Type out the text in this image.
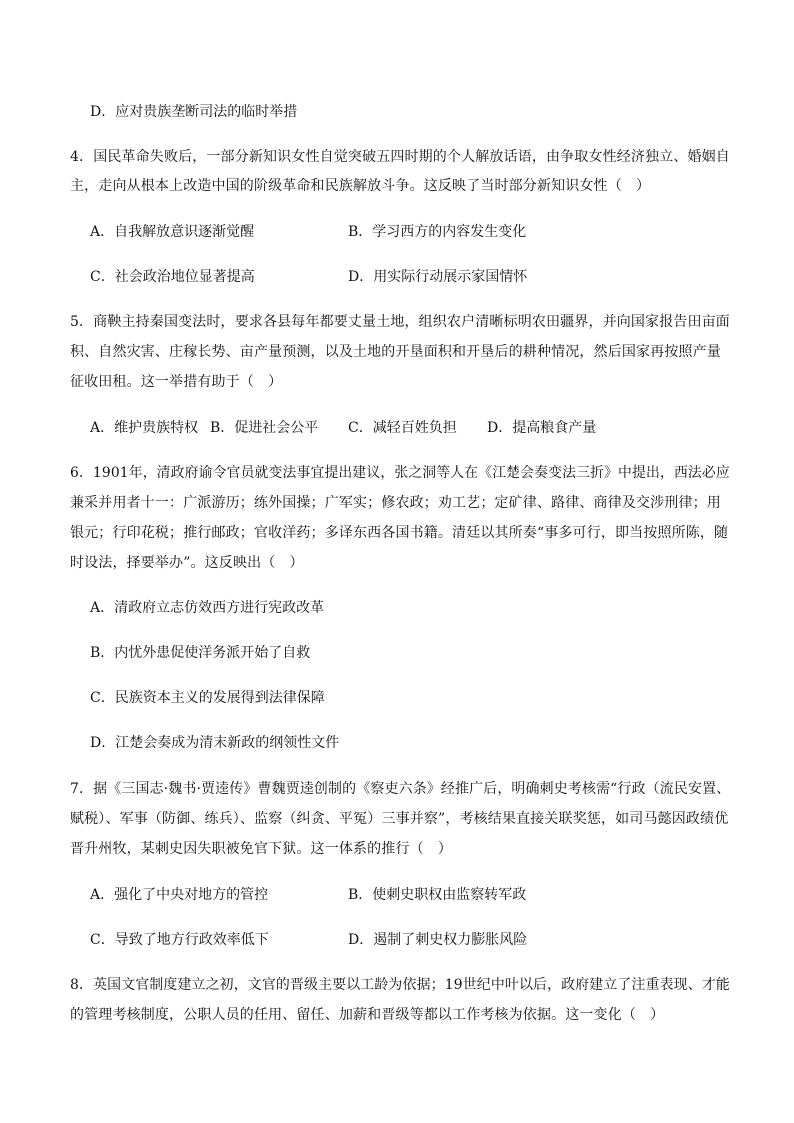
D．应对贵族垄断司法的临时举措
4．国民革命失败后，一部分新知识女性自觉突破五四时期的个人解放话语，由争取女性经济独立、婚姻自
主，走向从根本上改造中国的阶级革命和民族解放斗争。这反映了当时部分新知识女性（　）
A．自我解放意识逐渐觉醒	B．学习西方的内容发生变化
C．社会政治地位显著提高	D．用实际行动展示家国情怀
5．商鞅主持秦国变法时，要求各县每年都要丈量土地，组织农户清晰标明农田疆界，并向国家报告田亩面
积、自然灾害、庄稼长势、亩产量预测，以及土地的开垦面积和开垦后的耕种情况，然后国家再按照产量
征收田租。这一举措有助于（　）
A．维护贵族特权 B．促进社会公平 C．减轻百姓负担 D．提高粮食产量
6．1901年，清政府谕令官员就变法事宜提出建议，张之洞等人在《江楚会奏变法三折》中提出，西法必应
兼采并用者十一：广派游历；练外国操；广军实；修农政；劝工艺；定矿律、路律、商律及交涉刑律；用
银元；行印花税；推行邮政；官收洋药；多译东西各国书籍。清廷以其所奏“事多可行，即当按照所陈，随
时设法，择要举办”。这反映出（　）
A．清政府立志仿效西方进行宪政改革
B．内忧外患促使洋务派开始了自救
C．民族资本主义的发展得到法律保障
D．江楚会奏成为清末新政的纲领性文件
7．据《三国志·魏书·贾逵传》曹魏贾逵创制的《察吏六条》经推广后，明确刺史考核需“行政（流民安置、
赋税）、军事（防御、练兵）、监察（纠贪、平冤）三事并察”，考核结果直接关联奖惩，如司马懿因政绩优
晋升州牧，某刺史因失职被免官下狱。这一体系的推行（　）
A．强化了中央对地方的管控	B．使刺史职权由监察转军政
C．导致了地方行政效率低下	D．遏制了刺史权力膨胀风险
8．英国文官制度建立之初，文官的晋级主要以工龄为依据；19世纪中叶以后，政府建立了注重表现、才能
的管理考核制度，公职人员的任用、留任、加薪和晋级等都以工作考核为依据。这一变化（　）
